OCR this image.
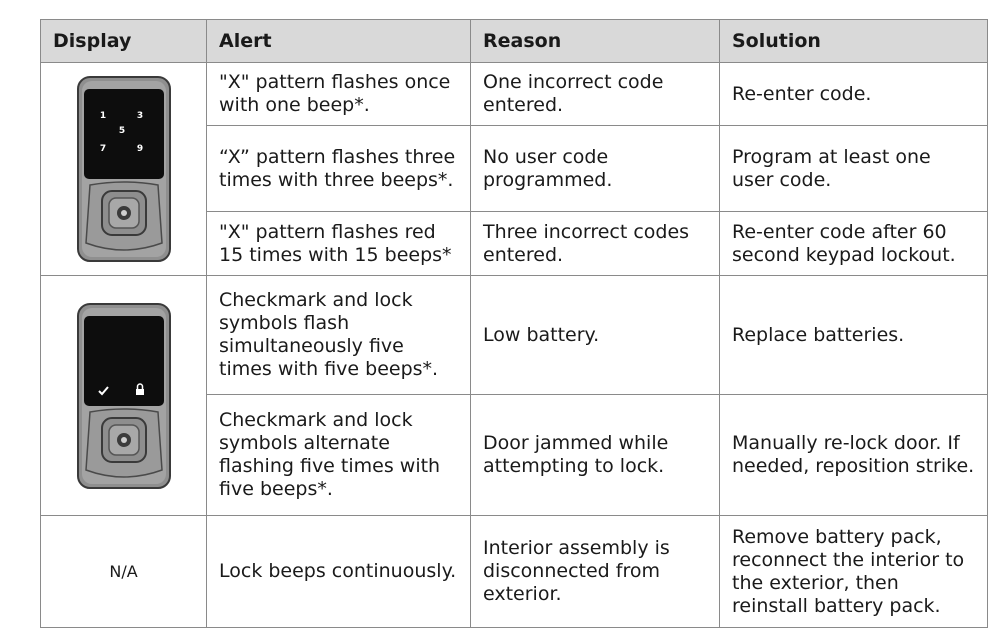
Display	Alert	Reason	Solution

1 3
5
7 9	"X" pattern flashes once with one beep*.	One incorrect code entered.	Re-enter code.
	“X” pattern flashes three times with three beeps*.	No user code programmed.	Program at least one user code.
	"X" pattern flashes red 15 times with 15 beeps*	Three incorrect codes entered.	Re-enter code after 60 second keypad lockout.

	Checkmark and lock symbols flash simultaneously five times with five beeps*.	Low battery.	Replace batteries.
	Checkmark and lock symbols alternate flashing five times with five beeps*.	Door jammed while attempting to lock.	Manually re-lock door. If needed, reposition strike.
N/A	Lock beeps continuously.	Interior assembly is disconnected from exterior.	Remove battery pack, reconnect the interior to the exterior, then reinstall battery pack.
